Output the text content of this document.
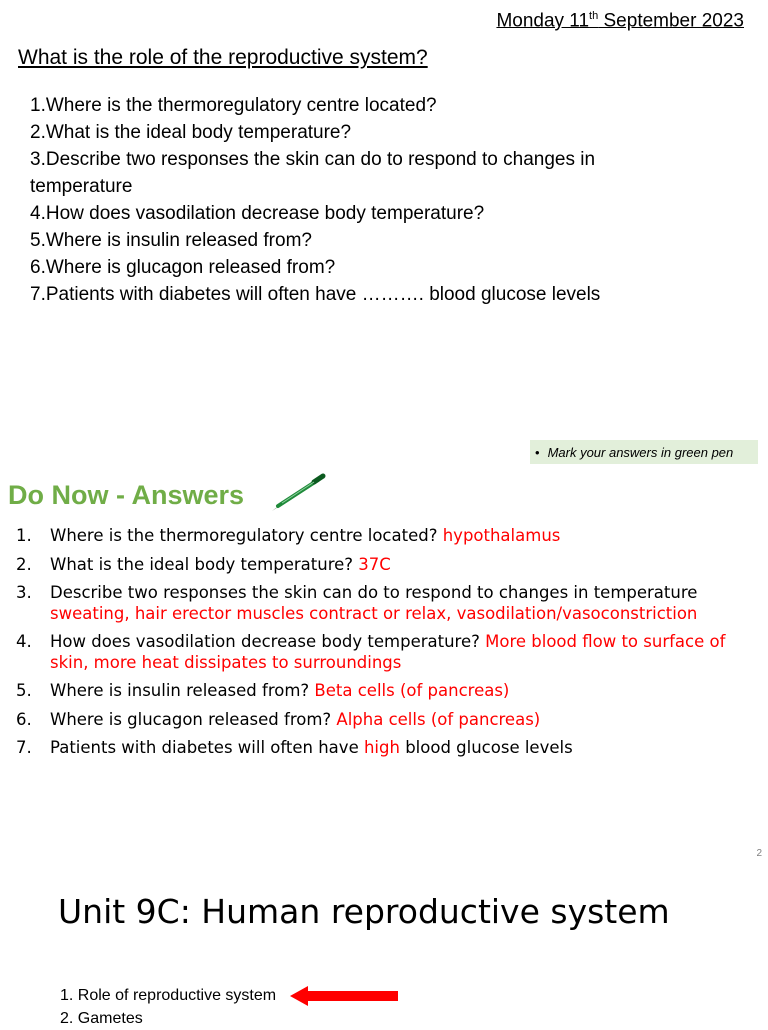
Monday 11th September 2023
What is the role of the reproductive system?
1.Where is the thermoregulatory centre located?
2.What is the ideal body temperature?
3.Describe two responses the skin can do to respond to changes in temperature
4.How does vasodilation decrease body temperature?
5.Where is insulin released from?
6.Where is glucagon released from?
7.Patients with diabetes will often have ………. blood glucose levels
• Mark your answers in green pen
Do Now - Answers
1.	Where is the thermoregulatory centre located? hypothalamus
2.	What is the ideal body temperature? 37C
3.	Describe two responses the skin can do to respond to changes in temperature sweating, hair erector muscles contract or relax, vasodilation/vasoconstriction
4.	How does vasodilation decrease body temperature? More blood flow to surface of skin, more heat dissipates to surroundings
5.	Where is insulin released from? Beta cells (of pancreas)
6.	Where is glucagon released from? Alpha cells (of pancreas)
7.	Patients with diabetes will often have high blood glucose levels
2
Unit 9C: Human reproductive system
1.
Role of reproductive system
2.
Gametes
